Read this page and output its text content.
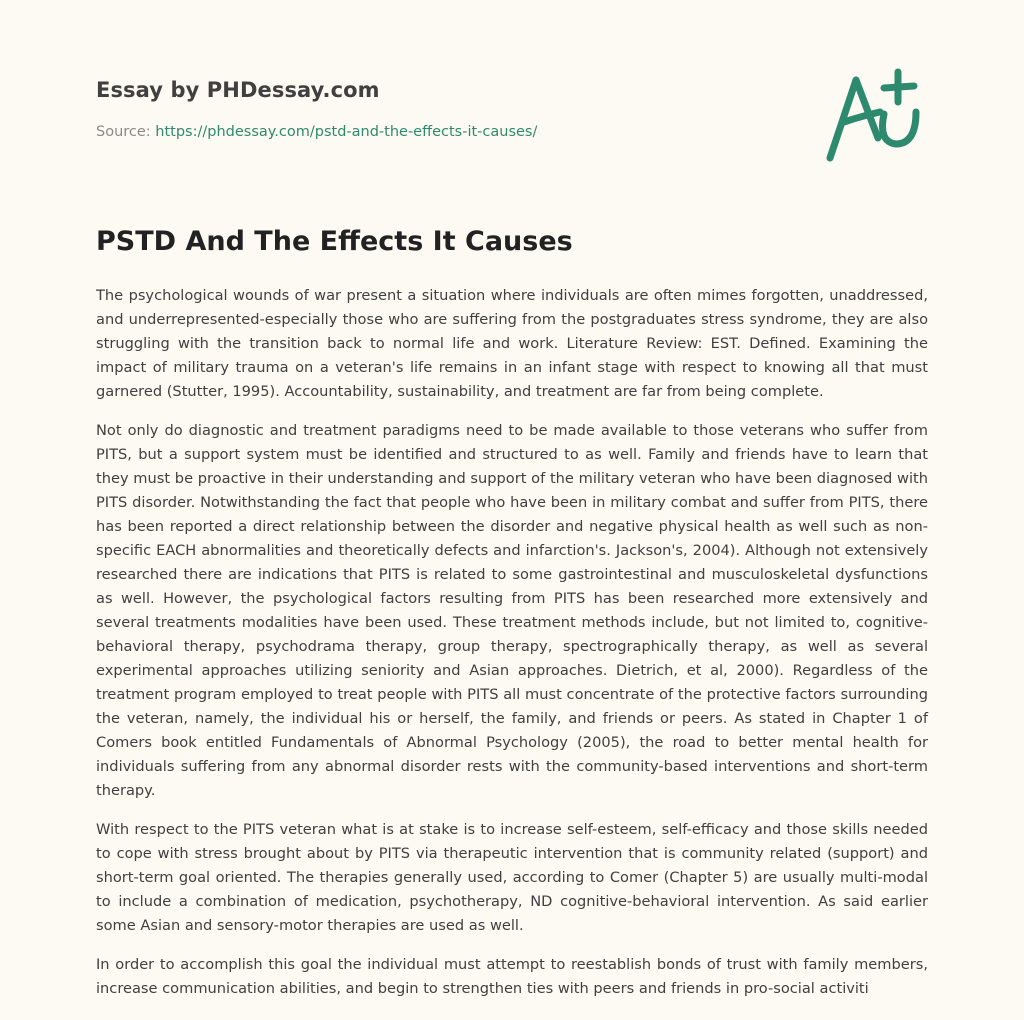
Essay by PHDessay.com

Source: https://phdessay.com/pstd-and-the-effects-it-causes/

PSTD And The Effects It Causes

The psychological wounds of war present a situation where individuals are often mimes forgotten, unaddressed, and underrepresented-especially those who are suffering from the postgraduates stress syndrome, they are also struggling with the transition back to normal life and work. Literature Review: EST. Defined. Examining the impact of military trauma on a veteran's life remains in an infant stage with respect to knowing all that must garnered (Stutter, 1995). Accountability, sustainability, and treatment are far from being complete.

Not only do diagnostic and treatment paradigms need to be made available to those veterans who suffer from PITS, but a support system must be identified and structured to as well. Family and friends have to learn that they must be proactive in their understanding and support of the military veteran who have been diagnosed with PITS disorder. Notwithstanding the fact that people who have been in military combat and suffer from PITS, there has been reported a direct relationship between the disorder and negative physical health as well such as non-specific EACH abnormalities and theoretically defects and infarction's. Jackson's, 2004). Although not extensively researched there are indications that PITS is related to some gastrointestinal and musculoskeletal dysfunctions as well. However, the psychological factors resulting from PITS has been researched more extensively and several treatments modalities have been used. These treatment methods include, but not limited to, cognitive-behavioral therapy, psychodrama therapy, group therapy, spectrographically therapy, as well as several experimental approaches utilizing seniority and Asian approaches. Dietrich, et al, 2000). Regardless of the treatment program employed to treat people with PITS all must concentrate of the protective factors surrounding the veteran, namely, the individual his or herself, the family, and friends or peers. As stated in Chapter 1 of Comers book entitled Fundamentals of Abnormal Psychology (2005), the road to better mental health for individuals suffering from any abnormal disorder rests with the community-based interventions and short-term therapy.

With respect to the PITS veteran what is at stake is to increase self-esteem, self-efficacy and those skills needed to cope with stress brought about by PITS via therapeutic intervention that is community related (support) and short-term goal oriented. The therapies generally used, according to Comer (Chapter 5) are usually multi-modal to include a combination of medication, psychotherapy, ND cognitive-behavioral intervention. As said earlier some Asian and sensory-motor therapies are used as well.

In order to accomplish this goal the individual must attempt to reestablish bonds of trust with family members, increase communication abilities, and begin to strengthen ties with peers and friends in pro-social activiti
